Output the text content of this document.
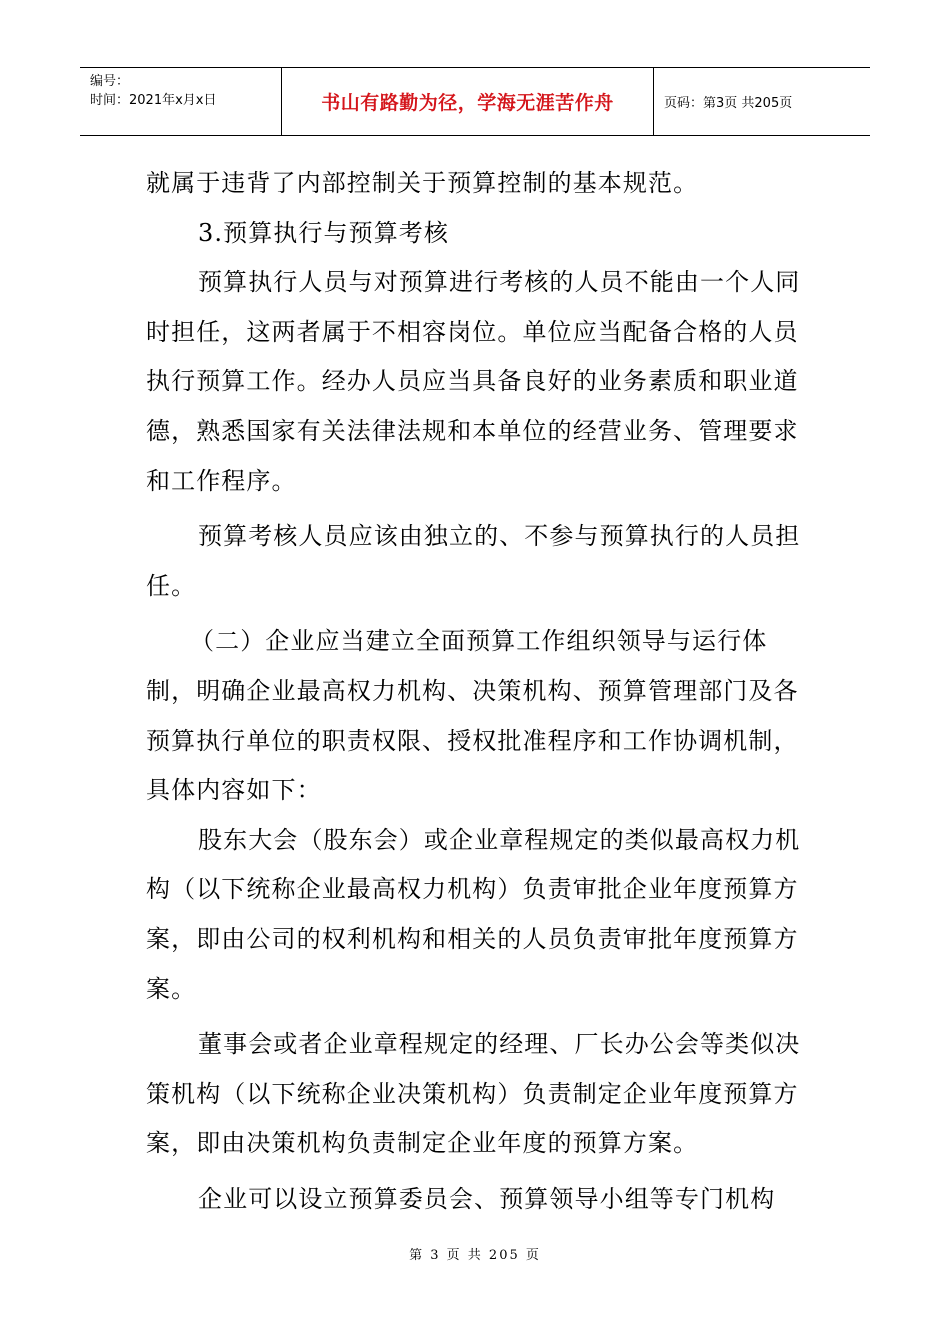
编号：
时间：2021年x月x日	书山有路勤为径，学海无涯苦作舟	页码：第3页 共205页

就属于违背了内部控制关于预算控制的基本规范。

3.预算执行与预算考核

预算执行人员与对预算进行考核的人员不能由一个人同时担任，这两者属于不相容岗位。单位应当配备合格的人员执行预算工作。经办人员应当具备良好的业务素质和职业道德，熟悉国家有关法律法规和本单位的经营业务、管理要求和工作程序。

预算考核人员应该由独立的、不参与预算执行的人员担任。

（二）企业应当建立全面预算工作组织领导与运行体制，明确企业最高权力机构、决策机构、预算管理部门及各预算执行单位的职责权限、授权批准程序和工作协调机制，具体内容如下：

股东大会（股东会）或企业章程规定的类似最高权力机构（以下统称企业最高权力机构）负责审批企业年度预算方案，即由公司的权利机构和相关的人员负责审批年度预算方案。

董事会或者企业章程规定的经理、厂长办公会等类似决策机构（以下统称企业决策机构）负责制定企业年度预算方案，即由决策机构负责制定企业年度的预算方案。

企业可以设立预算委员会、预算领导小组等专门机构

第 3 页 共 205 页
